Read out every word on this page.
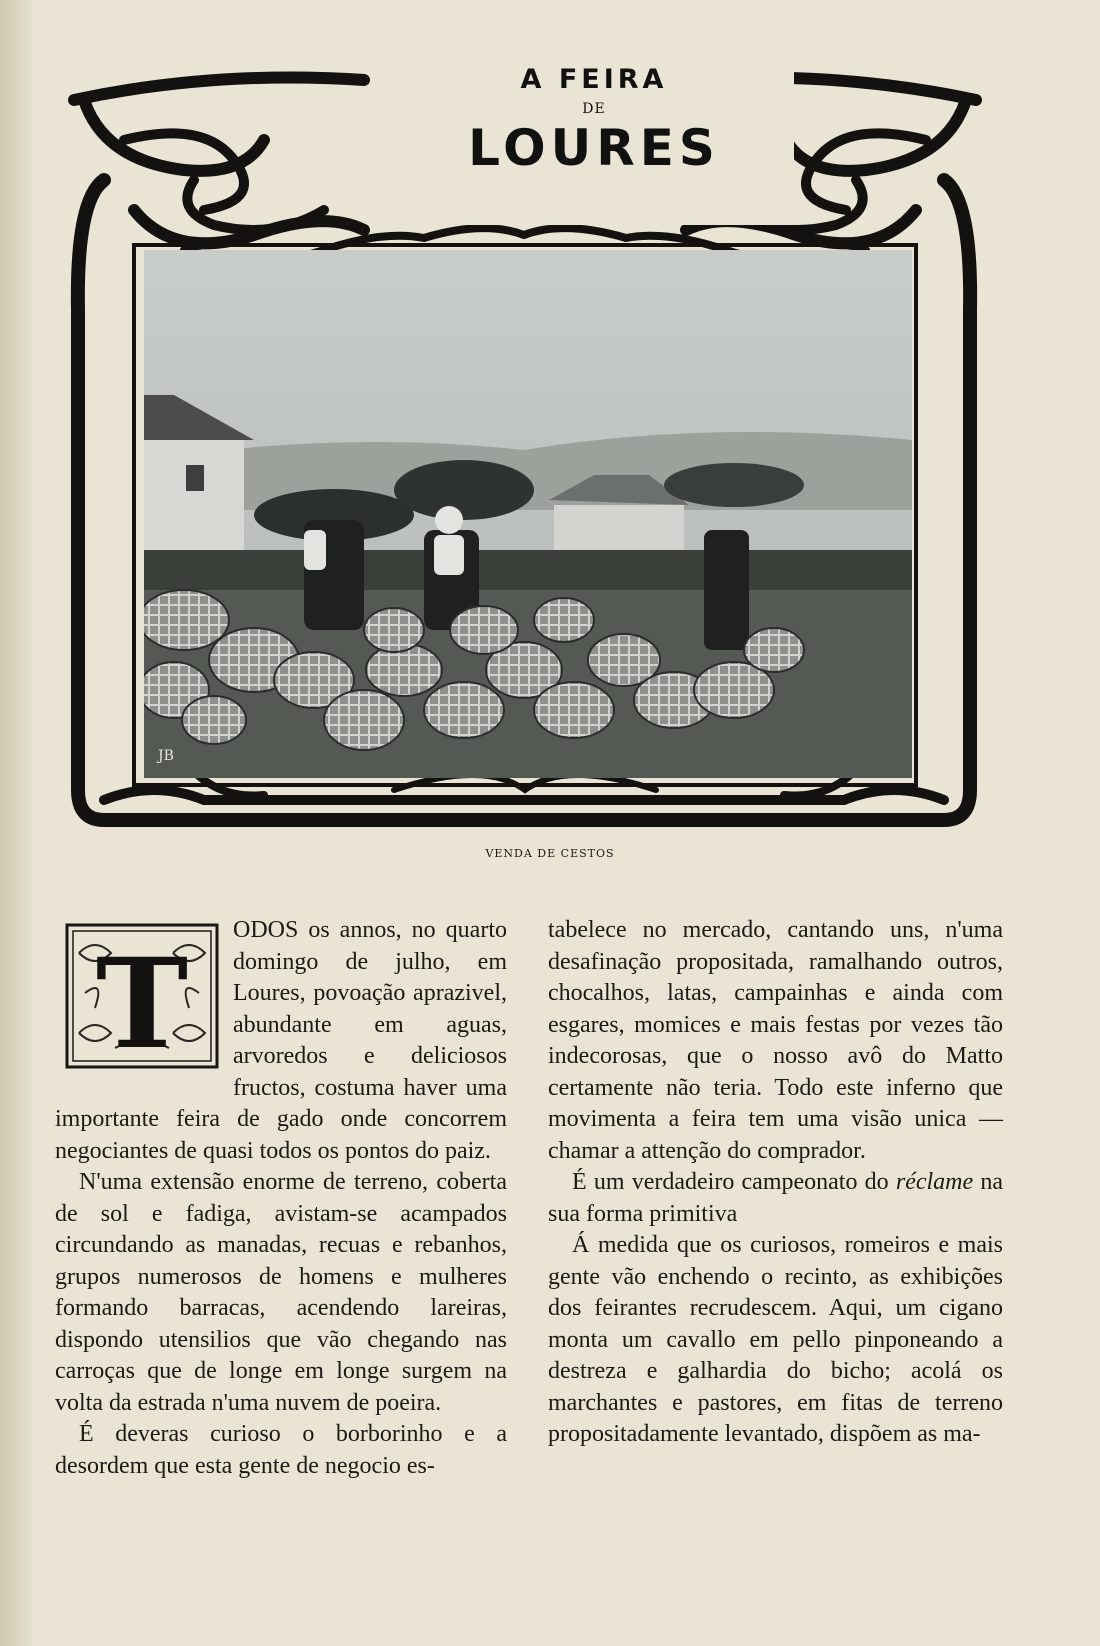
A FEIRA
DE
LOURES
JB
VENDA DE CESTOS
T

ODOS os annos, no quarto domingo de julho, em Loures, povoação aprazivel, abundante em aguas, arvoredos e deliciosos fructos, costuma haver uma importante feira de gado onde concorrem negociantes de quasi todos os pontos do paiz.

N'uma extensão enorme de terreno, coberta de sol e fadiga, avistam-se acampados circundando as manadas, recuas e rebanhos, grupos numerosos de homens e mulheres formando barracas, acendendo lareiras, dispondo utensilios que vão chegando nas carroças que de longe em longe surgem na volta da estrada n'uma nuvem de poeira.

É deveras curioso o borborinho e a desordem que esta gente de negocio es-

tabelece no mercado, cantando uns, n'uma desafinação propositada, ramalhando outros, chocalhos, latas, campainhas e ainda com esgares, momices e mais festas por vezes tão indecorosas, que o nosso avô do Matto certamente não teria. Todo este inferno que movimenta a feira tem uma visão unica — chamar a attenção do comprador.

É um verdadeiro campeonato do réclame na sua forma primitiva

Á medida que os curiosos, romeiros e mais gente vão enchendo o recinto, as exhibições dos feirantes recrudescem. Aqui, um cigano monta um cavallo em pello pinponeando a destreza e galhardia do bicho; acolá os marchantes e pastores, em fitas de terreno propositadamente levantado, dispõem as ma-
